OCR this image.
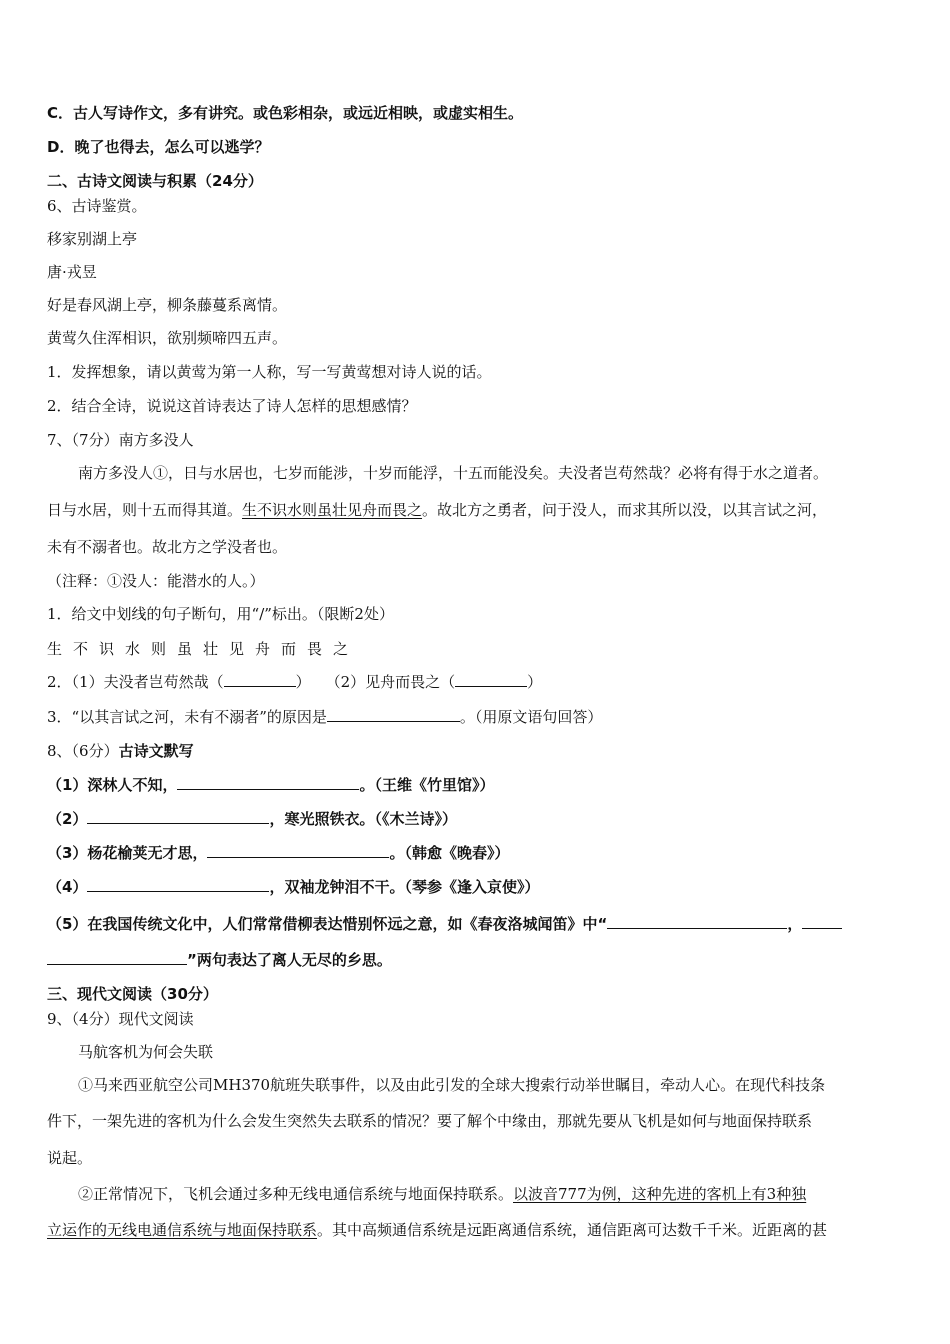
C．古人写诗作文，多有讲究。或色彩相杂，或远近相映，或虚实相生。
D．晚了也得去，怎么可以逃学？
二、古诗文阅读与积累（24分）
6、古诗鉴赏。
移家别湖上亭
唐·戎昱
好是春风湖上亭，柳条藤蔓系离情。
黄莺久住浑相识，欲别频啼四五声。
1．发挥想象，请以黄莺为第一人称，写一写黄莺想对诗人说的话。
2．结合全诗，说说这首诗表达了诗人怎样的思想感情？
7、（7分）南方多没人
南方多没人①，日与水居也，七岁而能涉，十岁而能浮，十五而能没矣。夫没者岂苟然哉？必将有得于水之道者。
日与水居，则十五而得其道。生不识水则虽壮见舟而畏之。故北方之勇者，问于没人，而求其所以没，以其言试之河，
未有不溺者也。故北方之学没者也。
（注释：①没人：能潜水的人。）
1．给文中划线的句子断句，用“/”标出。（限断2处）
生不识水则虽壮见舟而畏之
2．（1）夫没者岂苟然哉（	）　　（2）见舟而畏之（	）
3．“以其言试之河，未有不溺者”的原因是	。（用原文语句回答）
8、（6分）古诗文默写
（1）深林人不知，	。（王维《竹里馆》）
（2）	，寒光照铁衣。（《木兰诗》）
（3）杨花榆荚无才思，	。（韩愈《晚春》）
（4）	，双袖龙钟泪不干。（琴参《逢入京使》）
（5）在我国传统文化中，人们常常借柳表达惜别怀远之意，如《春夜洛城闻笛》中“	，
”两句表达了离人无尽的乡思。
三、现代文阅读（30分）
9、（4分）现代文阅读
马航客机为何会失联
①马来西亚航空公司MH370航班失联事件，以及由此引发的全球大搜索行动举世瞩目，牵动人心。在现代科技条
件下，一架先进的客机为什么会发生突然失去联系的情况？要了解个中缘由，那就先要从飞机是如何与地面保持联系
说起。
②正常情况下，飞机会通过多种无线电通信系统与地面保持联系。以波音777为例，这种先进的客机上有3种独
立运作的无线电通信系统与地面保持联系。其中高频通信系统是远距离通信系统，通信距离可达数千千米。近距离的甚
